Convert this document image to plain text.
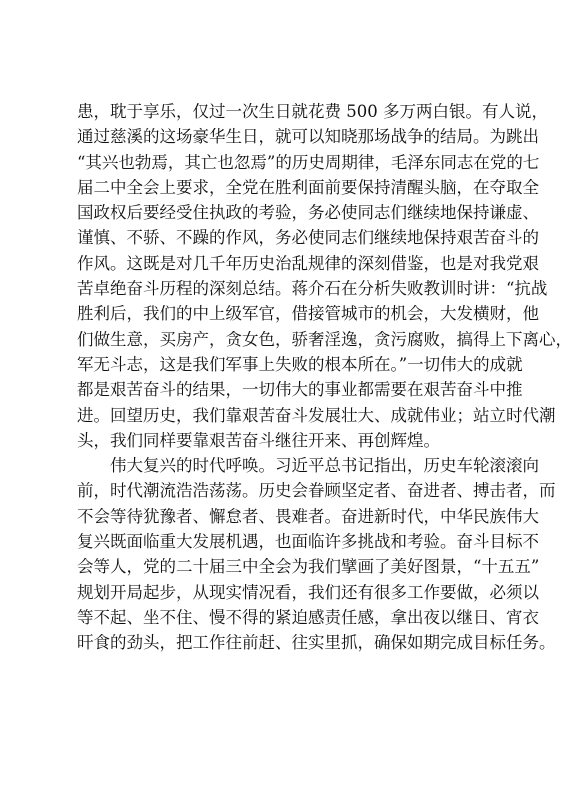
患，耽于享乐，仅过一次生日就花费 500 多万两白银。有人说，
通过慈溪的这场豪华生日，就可以知晓那场战争的结局。为跳出
“其兴也勃焉，其亡也忽焉”的历史周期律，毛泽东同志在党的七
届二中全会上要求，全党在胜利面前要保持清醒头脑，在夺取全
国政权后要经受住执政的考验，务必使同志们继续地保持谦虚、
谨慎、不骄、不躁的作风，务必使同志们继续地保持艰苦奋斗的
作风。这既是对几千年历史治乱规律的深刻借鉴，也是对我党艰
苦卓绝奋斗历程的深刻总结。蒋介石在分析失败教训时讲：“抗战
胜利后，我们的中上级军官，借接管城市的机会，大发横财，他
们做生意，买房产，贪女色，骄奢淫逸，贪污腐败，搞得上下离心，
军无斗志，这是我们军事上失败的根本所在。”一切伟大的成就
都是艰苦奋斗的结果，一切伟大的事业都需要在艰苦奋斗中推
进。回望历史，我们靠艰苦奋斗发展壮大、成就伟业；站立时代潮
头，我们同样要靠艰苦奋斗继往开来、再创辉煌。
伟大复兴的时代呼唤。习近平总书记指出，历史车轮滚滚向
前，时代潮流浩浩荡荡。历史会眷顾坚定者、奋进者、搏击者，而
不会等待犹豫者、懈怠者、畏难者。奋进新时代，中华民族伟大
复兴既面临重大发展机遇，也面临许多挑战和考验。奋斗目标不
会等人，党的二十届三中全会为我们擘画了美好图景，“十五五”
规划开局起步，从现实情况看，我们还有很多工作要做，必须以
等不起、坐不住、慢不得的紧迫感责任感，拿出夜以继日、宵衣
旰食的劲头，把工作往前赶、往实里抓，确保如期完成目标任务。
